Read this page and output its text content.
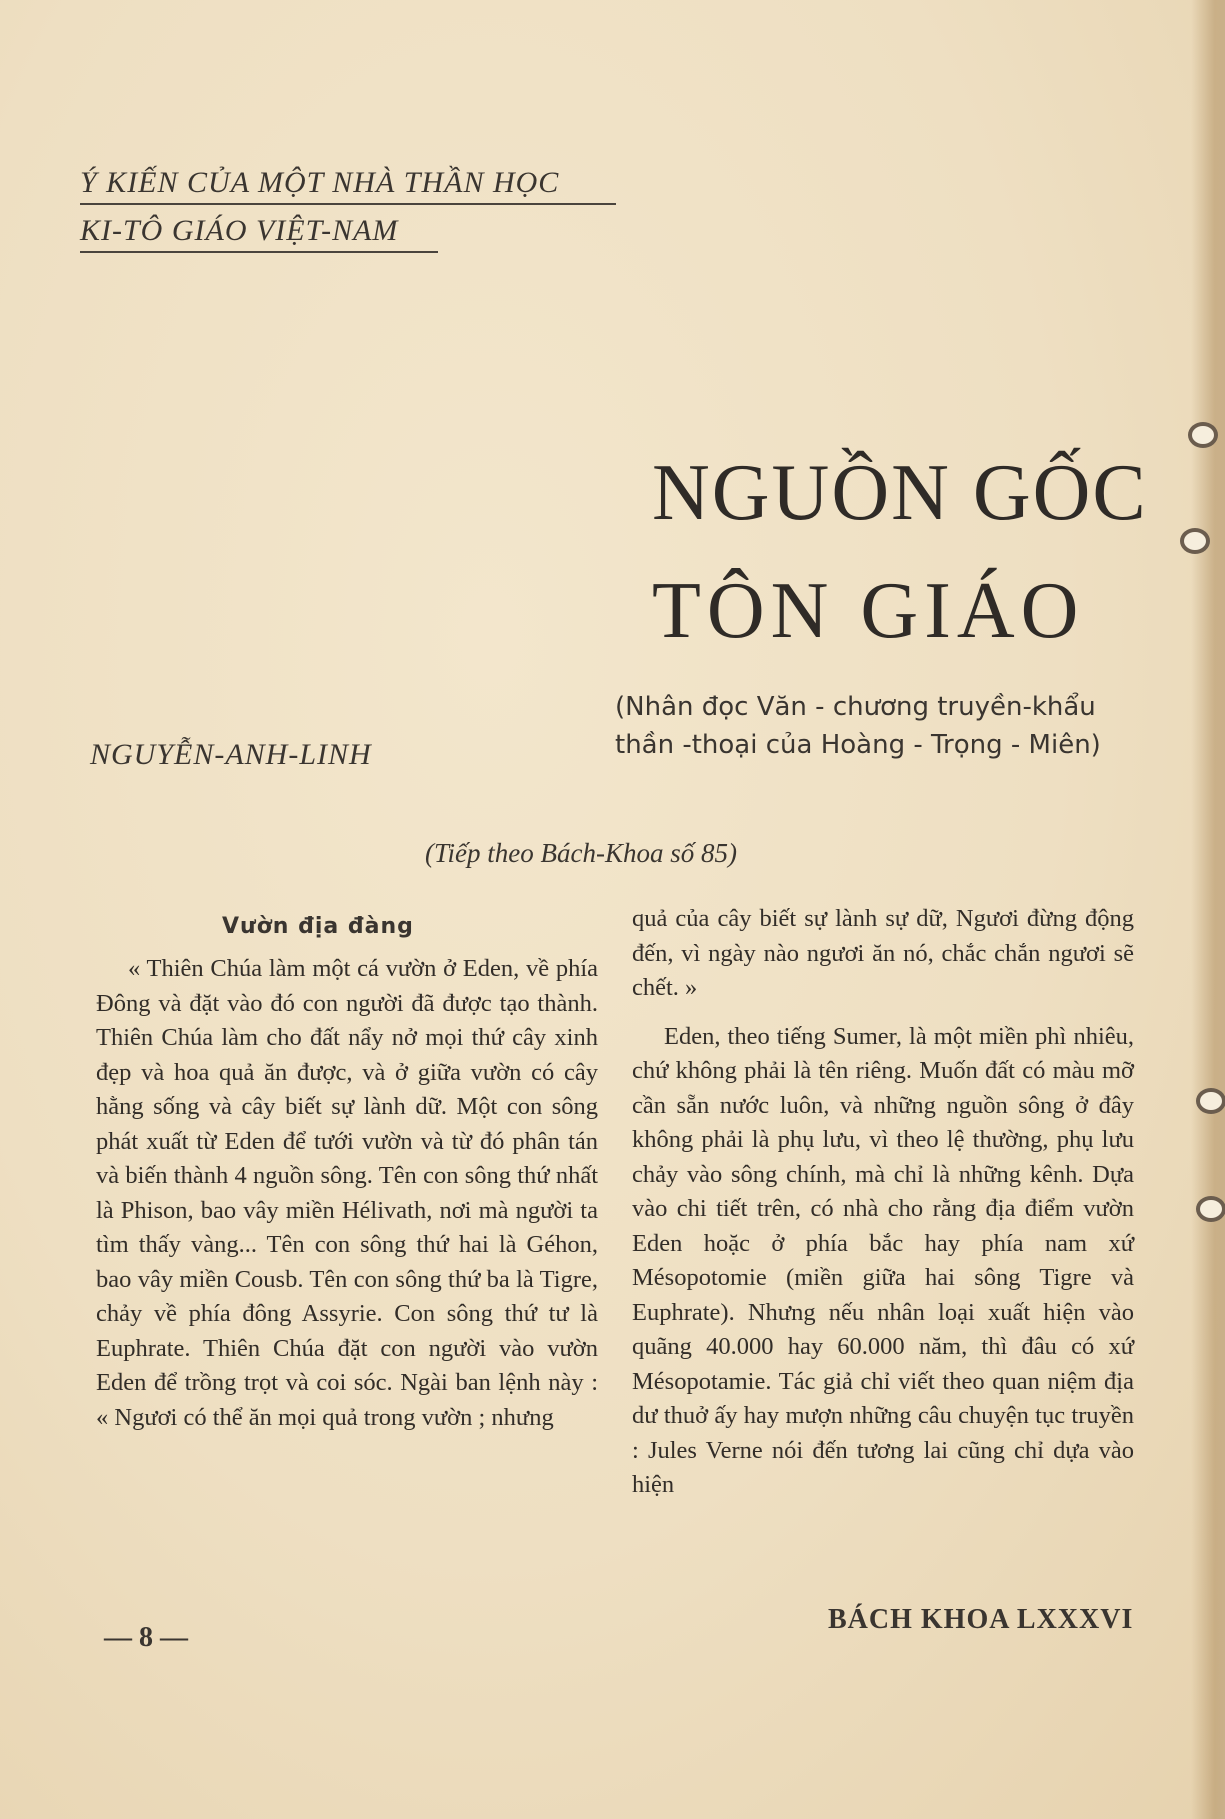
Ý KIẾN CỦA MỘT NHÀ THẦN HỌC
KI-TÔ GIÁO VIỆT-NAM
NGUỒN GỐC
TÔN GIÁO
(Nhân đọc Văn - chương truyền-khẩu
thần -thoại của Hoàng - Trọng - Miên)
NGUYỄN-ANH-LINH
(Tiếp theo Bách-Khoa số 85)
Vườn địa đàng

« Thiên Chúa làm một cá vườn ở Eden, về phía Đông và đặt vào đó con người đã được tạo thành. Thiên Chúa làm cho đất nẩy nở mọi thứ cây xinh đẹp và hoa quả ăn được, và ở giữa vườn có cây hằng sống và cây biết sự lành dữ. Một con sông phát xuất từ Eden để tưới vườn và từ đó phân tán và biến thành 4 nguồn sông. Tên con sông thứ nhất là Phison, bao vây miền Hélivath, nơi mà người ta tìm thấy vàng... Tên con sông thứ hai là Géhon, bao vây miền Cousb. Tên con sông thứ ba là Tigre, chảy về phía đông Assyrie. Con sông thứ tư là Euphrate. Thiên Chúa đặt con người vào vườn Eden để trồng trọt và coi sóc. Ngài ban lệnh này : « Ngươi có thể ăn mọi quả trong vườn ; nhưng

quả của cây biết sự lành sự dữ, Ngươi đừng động đến, vì ngày nào ngươi ăn nó, chắc chắn ngươi sẽ chết. »

Eden, theo tiếng Sumer, là một miền phì nhiêu, chứ không phải là tên riêng. Muốn đất có màu mỡ cần sẵn nước luôn, và những nguồn sông ở đây không phải là phụ lưu, vì theo lệ thường, phụ lưu chảy vào sông chính, mà chỉ là những kênh. Dựa vào chi tiết trên, có nhà cho rằng địa điểm vườn Eden hoặc ở phía bắc hay phía nam xứ Mésopotomie (miền giữa hai sông Tigre và Euphrate). Nhưng nếu nhân loại xuất hiện vào quãng 40.000 hay 60.000 năm, thì đâu có xứ Mésopotamie. Tác giả chỉ viết theo quan niệm địa dư thuở ấy hay mượn những câu chuyện tục truyền : Jules Verne nói đến tương lai cũng chỉ dựa vào hiện

— 8 —
BÁCH KHOA LXXXVI
